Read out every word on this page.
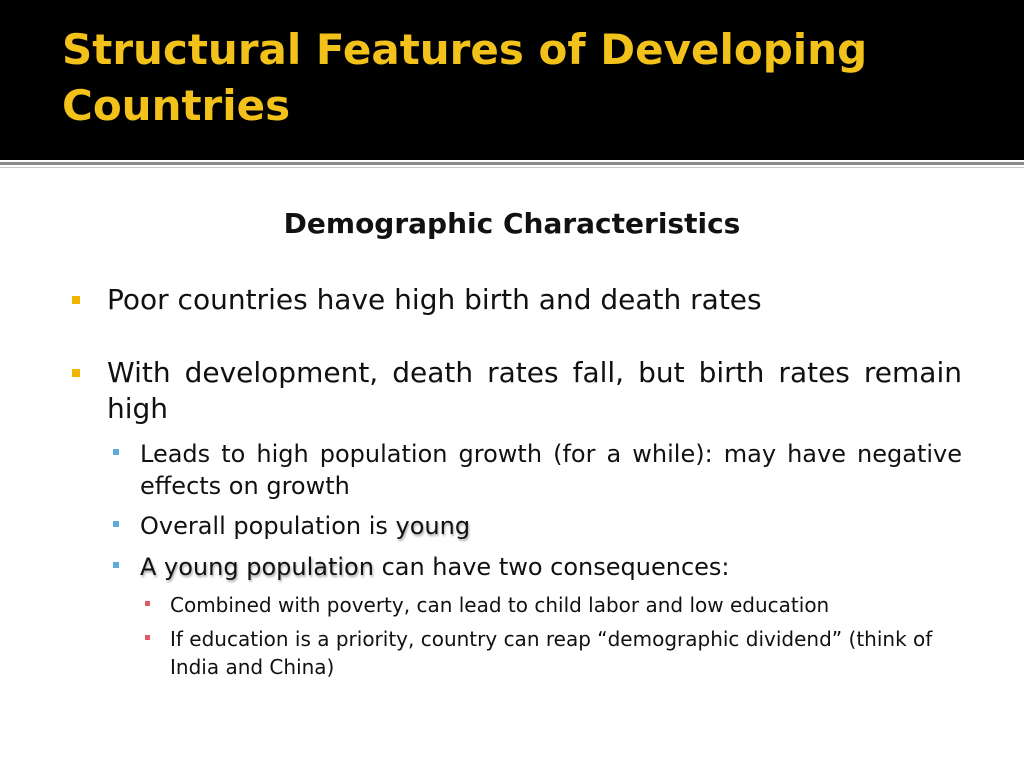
Structural Features of Developing Countries
Demographic Characteristics
Poor countries have high birth and death rates
With development, death rates fall, but birth rates remain high
Leads to high population growth (for a while): may have negative effects on growth
Overall population is young
A young population can have two consequences:
Combined with poverty, can lead to child labor and low education
If education is a priority, country can reap “demographic dividend” (think of India and China)
